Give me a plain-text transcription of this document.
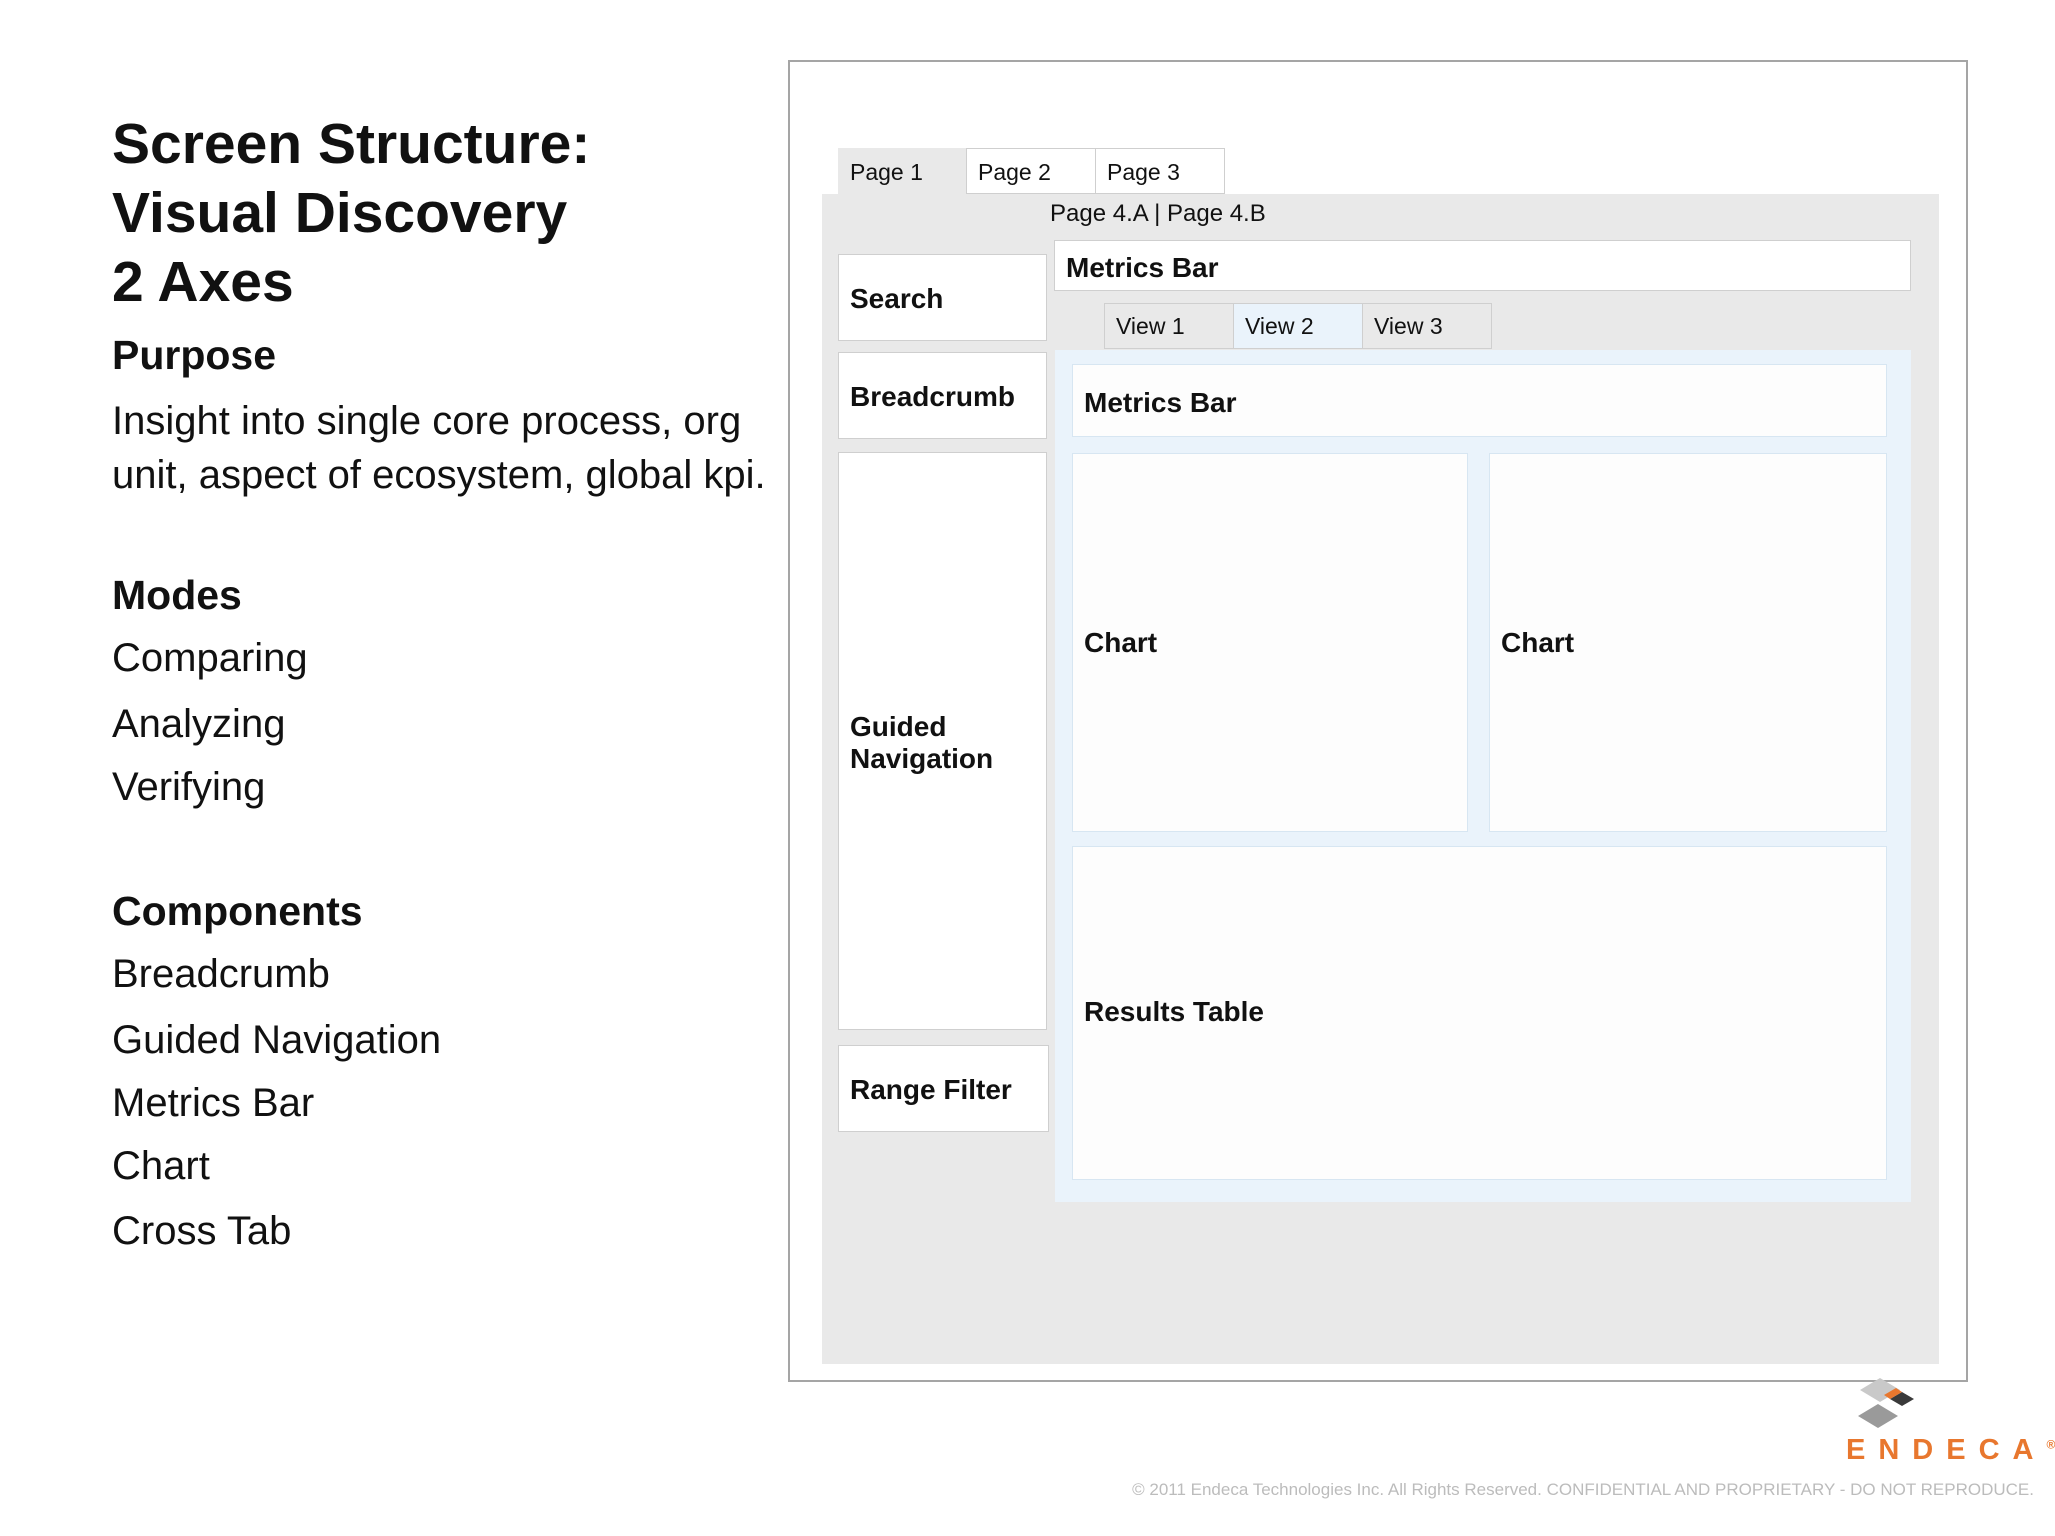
Screen Structure:
Visual Discovery
2 Axes
Purpose
Insight into single core process, org
unit, aspect of ecosystem, global kpi.
Modes
Comparing
Analyzing
Verifying
Components
Breadcrumb
Guided Navigation
Metrics Bar
Chart
Cross Tab
Page 1	Page 2	Page 3
Page 4.A | Page 4.B
Search
Breadcrumb
Guided
Navigation
Range Filter
Metrics Bar
View 1	View 2	View 3
Metrics Bar
Chart	Chart
Results Table
ENDECA®
© 2011 Endeca Technologies Inc. All Rights Reserved. CONFIDENTIAL AND PROPRIETARY - DO NOT REPRODUCE.
